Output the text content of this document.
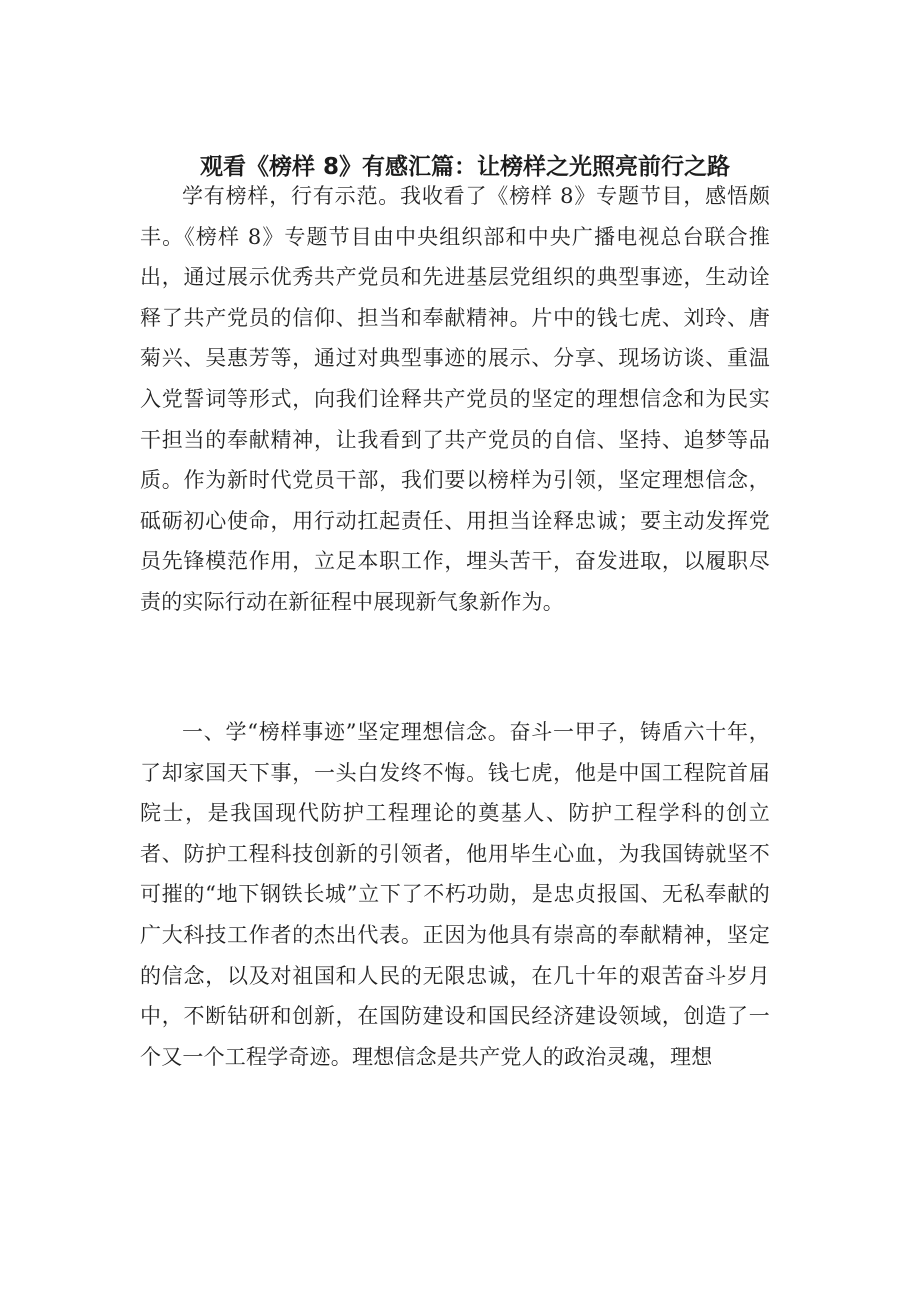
观看《榜样 8》有感汇篇：让榜样之光照亮前行之路

学有榜样，行有示范。我收看了《榜样 8》专题节目，感悟颇丰。《榜样 8》专题节目由中央组织部和中央广播电视总台联合推出，通过展示优秀共产党员和先进基层党组织的典型事迹，生动诠释了共产党员的信仰、担当和奉献精神。片中的钱七虎、刘玲、唐菊兴、吴惠芳等，通过对典型事迹的展示、分享、现场访谈、重温入党誓词等形式，向我们诠释共产党员的坚定的理想信念和为民实干担当的奉献精神，让我看到了共产党员的自信、坚持、追梦等品质。作为新时代党员干部，我们要以榜样为引领，坚定理想信念，砥砺初心使命，用行动扛起责任、用担当诠释忠诚；要主动发挥党员先锋模范作用，立足本职工作，埋头苦干，奋发进取，以履职尽责的实际行动在新征程中展现新气象新作为。

一、学“榜样事迹”坚定理想信念。奋斗一甲子，铸盾六十年，了却家国天下事，一头白发终不悔。钱七虎，他是中国工程院首届院士，是我国现代防护工程理论的奠基人、防护工程学科的创立者、防护工程科技创新的引领者，他用毕生心血，为我国铸就坚不可摧的“地下钢铁长城”立下了不朽功勋，是忠贞报国、无私奉献的广大科技工作者的杰出代表。正因为他具有崇高的奉献精神，坚定的信念，以及对祖国和人民的无限忠诚，在几十年的艰苦奋斗岁月中，不断钻研和创新，在国防建设和国民经济建设领域，创造了一个又一个工程学奇迹。理想信念是共产党人的政治灵魂，理想
